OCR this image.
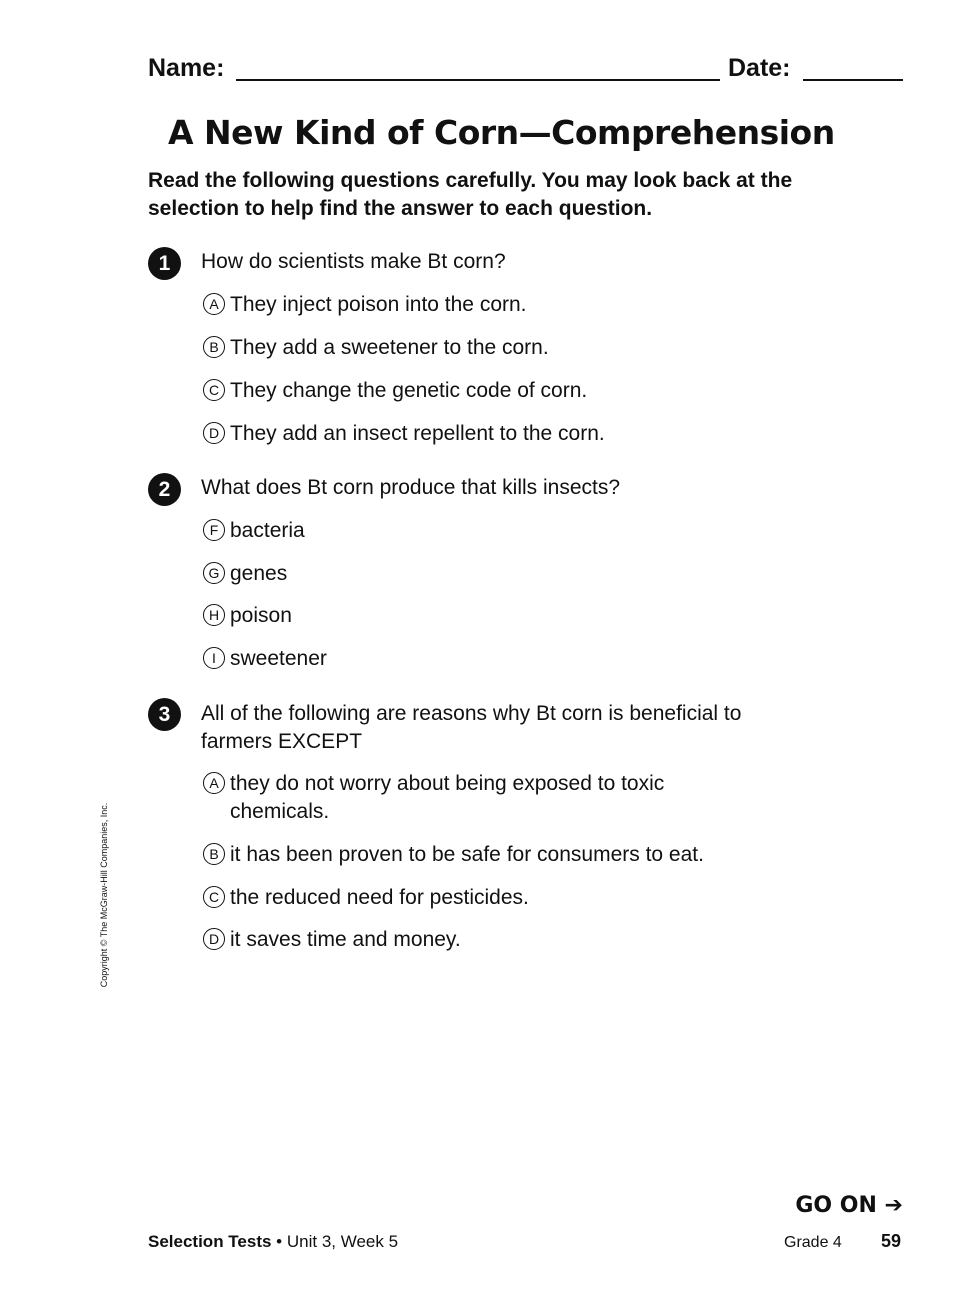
Name:	Date:
A New Kind of Corn—Comprehension
Read the following questions carefully. You may look back at the selection to help find the answer to each question.
1	How do scientists make Bt corn?
A They inject poison into the corn.
B They add a sweetener to the corn.
C They change the genetic code of corn.
D They add an insect repellent to the corn.
2	What does Bt corn produce that kills insects?
F bacteria
G genes
H poison
I sweetener
3	All of the following are reasons why Bt corn is beneficial to farmers EXCEPT
A they do not worry about being exposed to toxic chemicals.
B it has been proven to be safe for consumers to eat.
C the reduced need for pesticides.
D it saves time and money.
Copyright © The McGraw-Hill Companies, Inc.
GO ON ➔
Selection Tests • Unit 3, Week 5	Grade 4 59
